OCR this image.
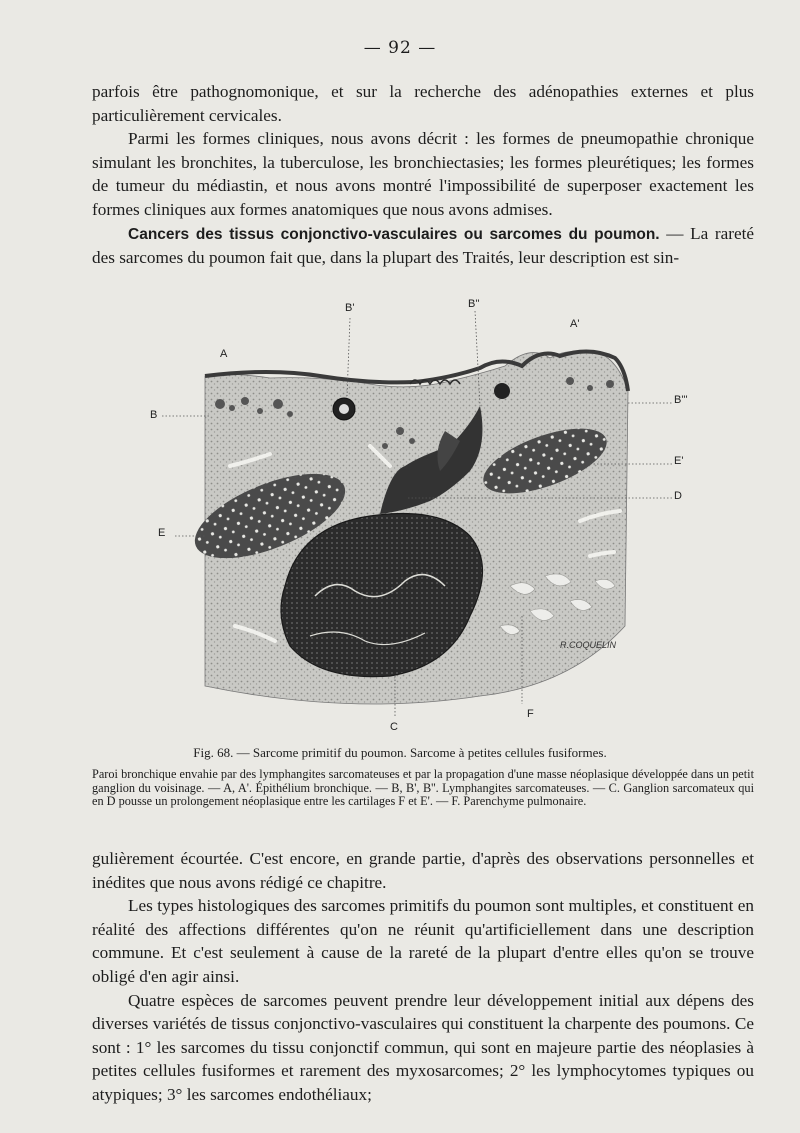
— 92 —

parfois être pathognomonique, et sur la recherche des adénopathies externes et plus particulièrement cervicales.

Parmi les formes cliniques, nous avons décrit : les formes de pneumopathie chronique simulant les bronchites, la tuberculose, les bronchiectasies; les formes pleurétiques; les formes de tumeur du médiastin, et nous avons montré l'impossibilité de superposer exactement les formes cliniques aux formes anatomiques que nous avons admises.

Cancers des tissus conjonctivo-vasculaires ou sarcomes du poumon. — La rareté des sarcomes du poumon fait que, dans la plupart des Traités, leur description est sin-

R.COQUELIN
A
A'
B
B'	B''
B'''
E
E'
D
C
F
Fig. 68. — Sarcome primitif du poumon. Sarcome à petites cellules fusiformes.
Paroi bronchique envahie par des lymphangites sarcomateuses et par la propagation d'une masse néoplasique développée dans un petit ganglion du voisinage. — A, A'. Épithélium bronchique. — B, B', B''. Lymphangites sarcomateuses. — C. Ganglion sarcomateux qui en D pousse un prolongement néoplasique entre les cartilages F et E'. — F. Parenchyme pulmonaire.

gulièrement écourtée. C'est encore, en grande partie, d'après des observations personnelles et inédites que nous avons rédigé ce chapitre.

Les types histologiques des sarcomes primitifs du poumon sont multiples, et constituent en réalité des affections différentes qu'on ne réunit qu'artificiellement dans une description commune. Et c'est seulement à cause de la rareté de la plupart d'entre elles qu'on se trouve obligé d'en agir ainsi.

Quatre espèces de sarcomes peuvent prendre leur développement initial aux dépens des diverses variétés de tissus conjonctivo-vasculaires qui constituent la charpente des poumons. Ce sont : 1° les sarcomes du tissu conjonctif commun, qui sont en majeure partie des néoplasies à petites cellules fusiformes et rarement des myxosarcomes; 2° les lymphocytomes typiques ou atypiques; 3° les sarcomes endothéliaux;
